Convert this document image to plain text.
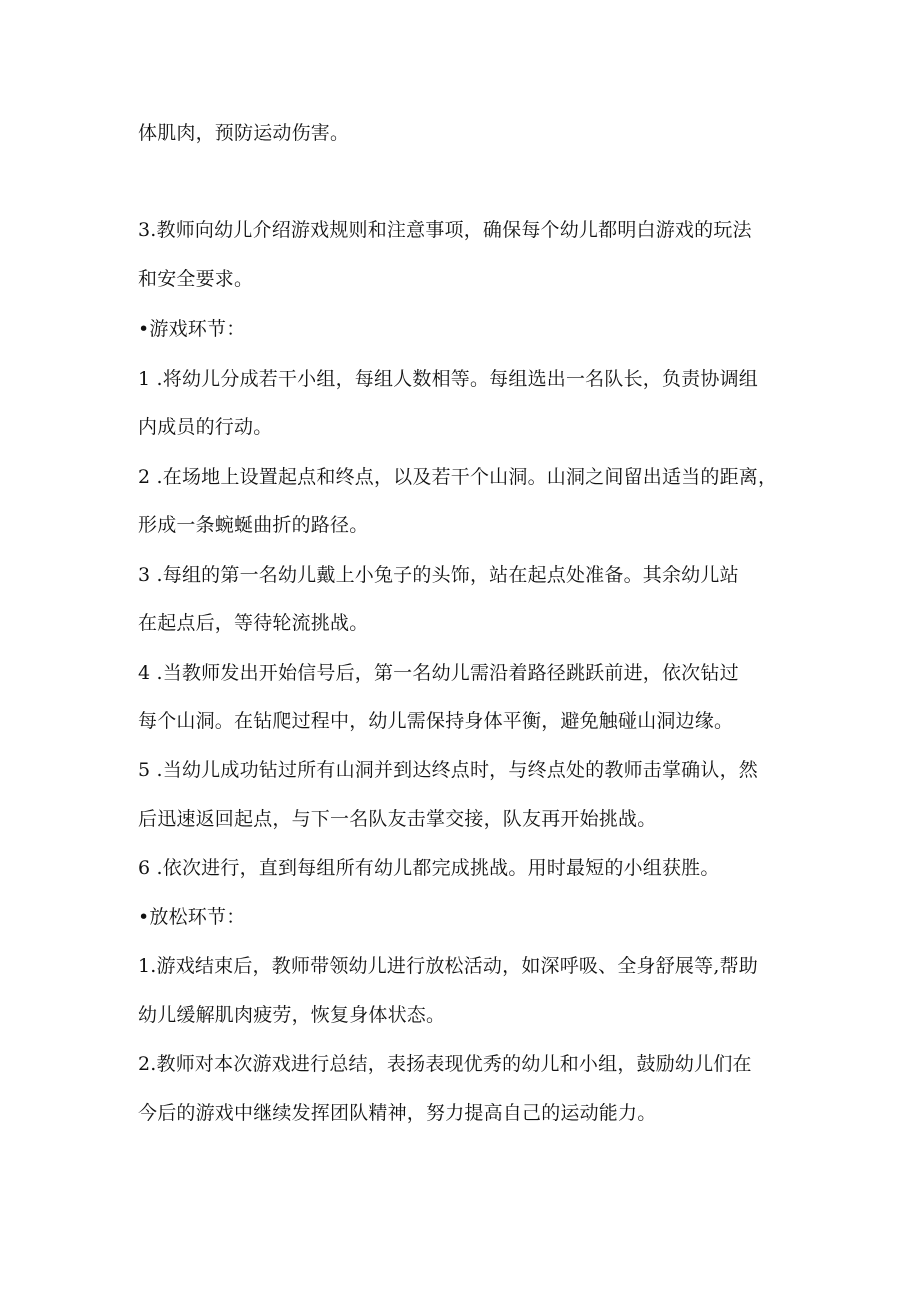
体肌肉，预防运动伤害。
3.教师向幼儿介绍游戏规则和注意事项，确保每个幼儿都明白游戏的玩法
和安全要求。
•游戏环节：
1 .将幼儿分成若干小组，每组人数相等。每组选出一名队长，负责协调组
内成员的行动。
2 .在场地上设置起点和终点，以及若干个山洞。山洞之间留出适当的距离，
形成一条蜿蜒曲折的路径。
3 .每组的第一名幼儿戴上小兔子的头饰，站在起点处准备。其余幼儿站
在起点后，等待轮流挑战。
4 .当教师发出开始信号后，第一名幼儿需沿着路径跳跃前进，依次钻过
每个山洞。在钻爬过程中，幼儿需保持身体平衡，避免触碰山洞边缘。
5 .当幼儿成功钻过所有山洞并到达终点时，与终点处的教师击掌确认，然
后迅速返回起点，与下一名队友击掌交接，队友再开始挑战。
6 .依次进行，直到每组所有幼儿都完成挑战。用时最短的小组获胜。
•放松环节：
1.游戏结束后，教师带领幼儿进行放松活动，如深呼吸、全身舒展等,帮助
幼儿缓解肌肉疲劳，恢复身体状态。
2.教师对本次游戏进行总结，表扬表现优秀的幼儿和小组，鼓励幼儿们在
今后的游戏中继续发挥团队精神，努力提高自己的运动能力。
